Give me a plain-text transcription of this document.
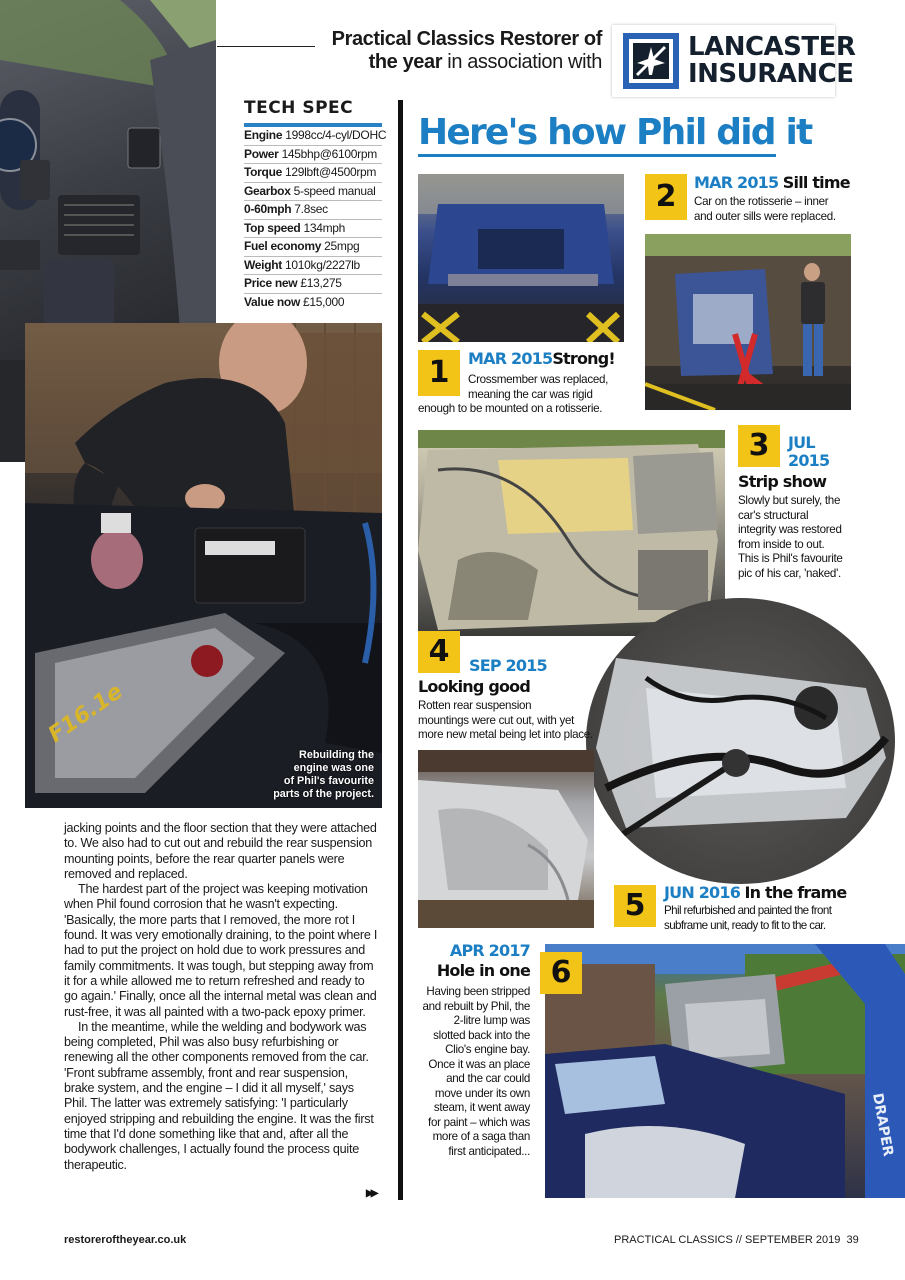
Practical Classics Restorer of
the year in association with	LANCASTER
INSURANCE
TECH SPEC
Engine 1998cc/4-cyl/DOHC
Power 145bhp@6100rpm
Torque 129lbft@4500rpm
Gearbox 5-speed manual
0-60mph 7.8sec
Top speed 134mph
Fuel economy 25mpg
Weight 1010kg/2227lb
Price new £13,275
Value now £15,000
F16.1e
Rebuilding the
engine was one
of Phil's favourite
parts of the project.

jacking points and the floor section that they were attached to. We also had to cut out and rebuild the rear suspension mounting points, before the rear quarter panels were removed and replaced.

The hardest part of the project was keeping motivation when Phil found corrosion that he wasn't expecting. 'Basically, the more parts that I removed, the more rot I found. It was very emotionally draining, to the point where I had to put the project on hold due to work pressures and family commitments. It was tough, but stepping away from it for a while allowed me to return refreshed and ready to go again.' Finally, once all the internal metal was clean and rust-free, it was all painted with a two-pack epoxy primer.

In the meantime, while the welding and bodywork was being completed, Phil was also busy refurbishing or renewing all the other components removed from the car. 'Front subframe assembly, front and rear suspension, brake system, and the engine – I did it all myself,' says Phil. The latter was extremely satisfying: 'I particularly enjoyed stripping and rebuilding the engine. It was the first time that I'd done something like that and, after all the bodywork challenges, I actually found the process quite therapeutic.

▶▶
Here's how Phil did it
1	MAR 2015Strong!
Crossmember was replaced,
meaning the car was rigid
enough to be mounted on a rotisserie.
2	MAR 2015 Sill time
Car on the rotisserie – inner
and outer sills were replaced.
3	JUL
2015
Strip show
Slowly but surely, the
car's structural
integrity was restored
from inside to out.
This is Phil's favourite
pic of his car, 'naked'.
4	SEP 2015
Looking good
Rotten rear suspension
mountings were cut out, with yet
more new metal being let into place.
5	JUN 2016 In the frame
Phil refurbished and painted the front
subframe unit, ready to fit to the car.
APR 2017
Hole in one
Having been stripped
and rebuilt by Phil, the
2-litre lump was
slotted back into the
Clio's engine bay.
Once it was an place
and the car could
move under its own
steam, it went away
for paint – which was
more of a saga than
first anticipated...	DRAPER
6
restoreroftheyear.co.uk	PRACTICAL CLASSICS // SEPTEMBER 2019 39
